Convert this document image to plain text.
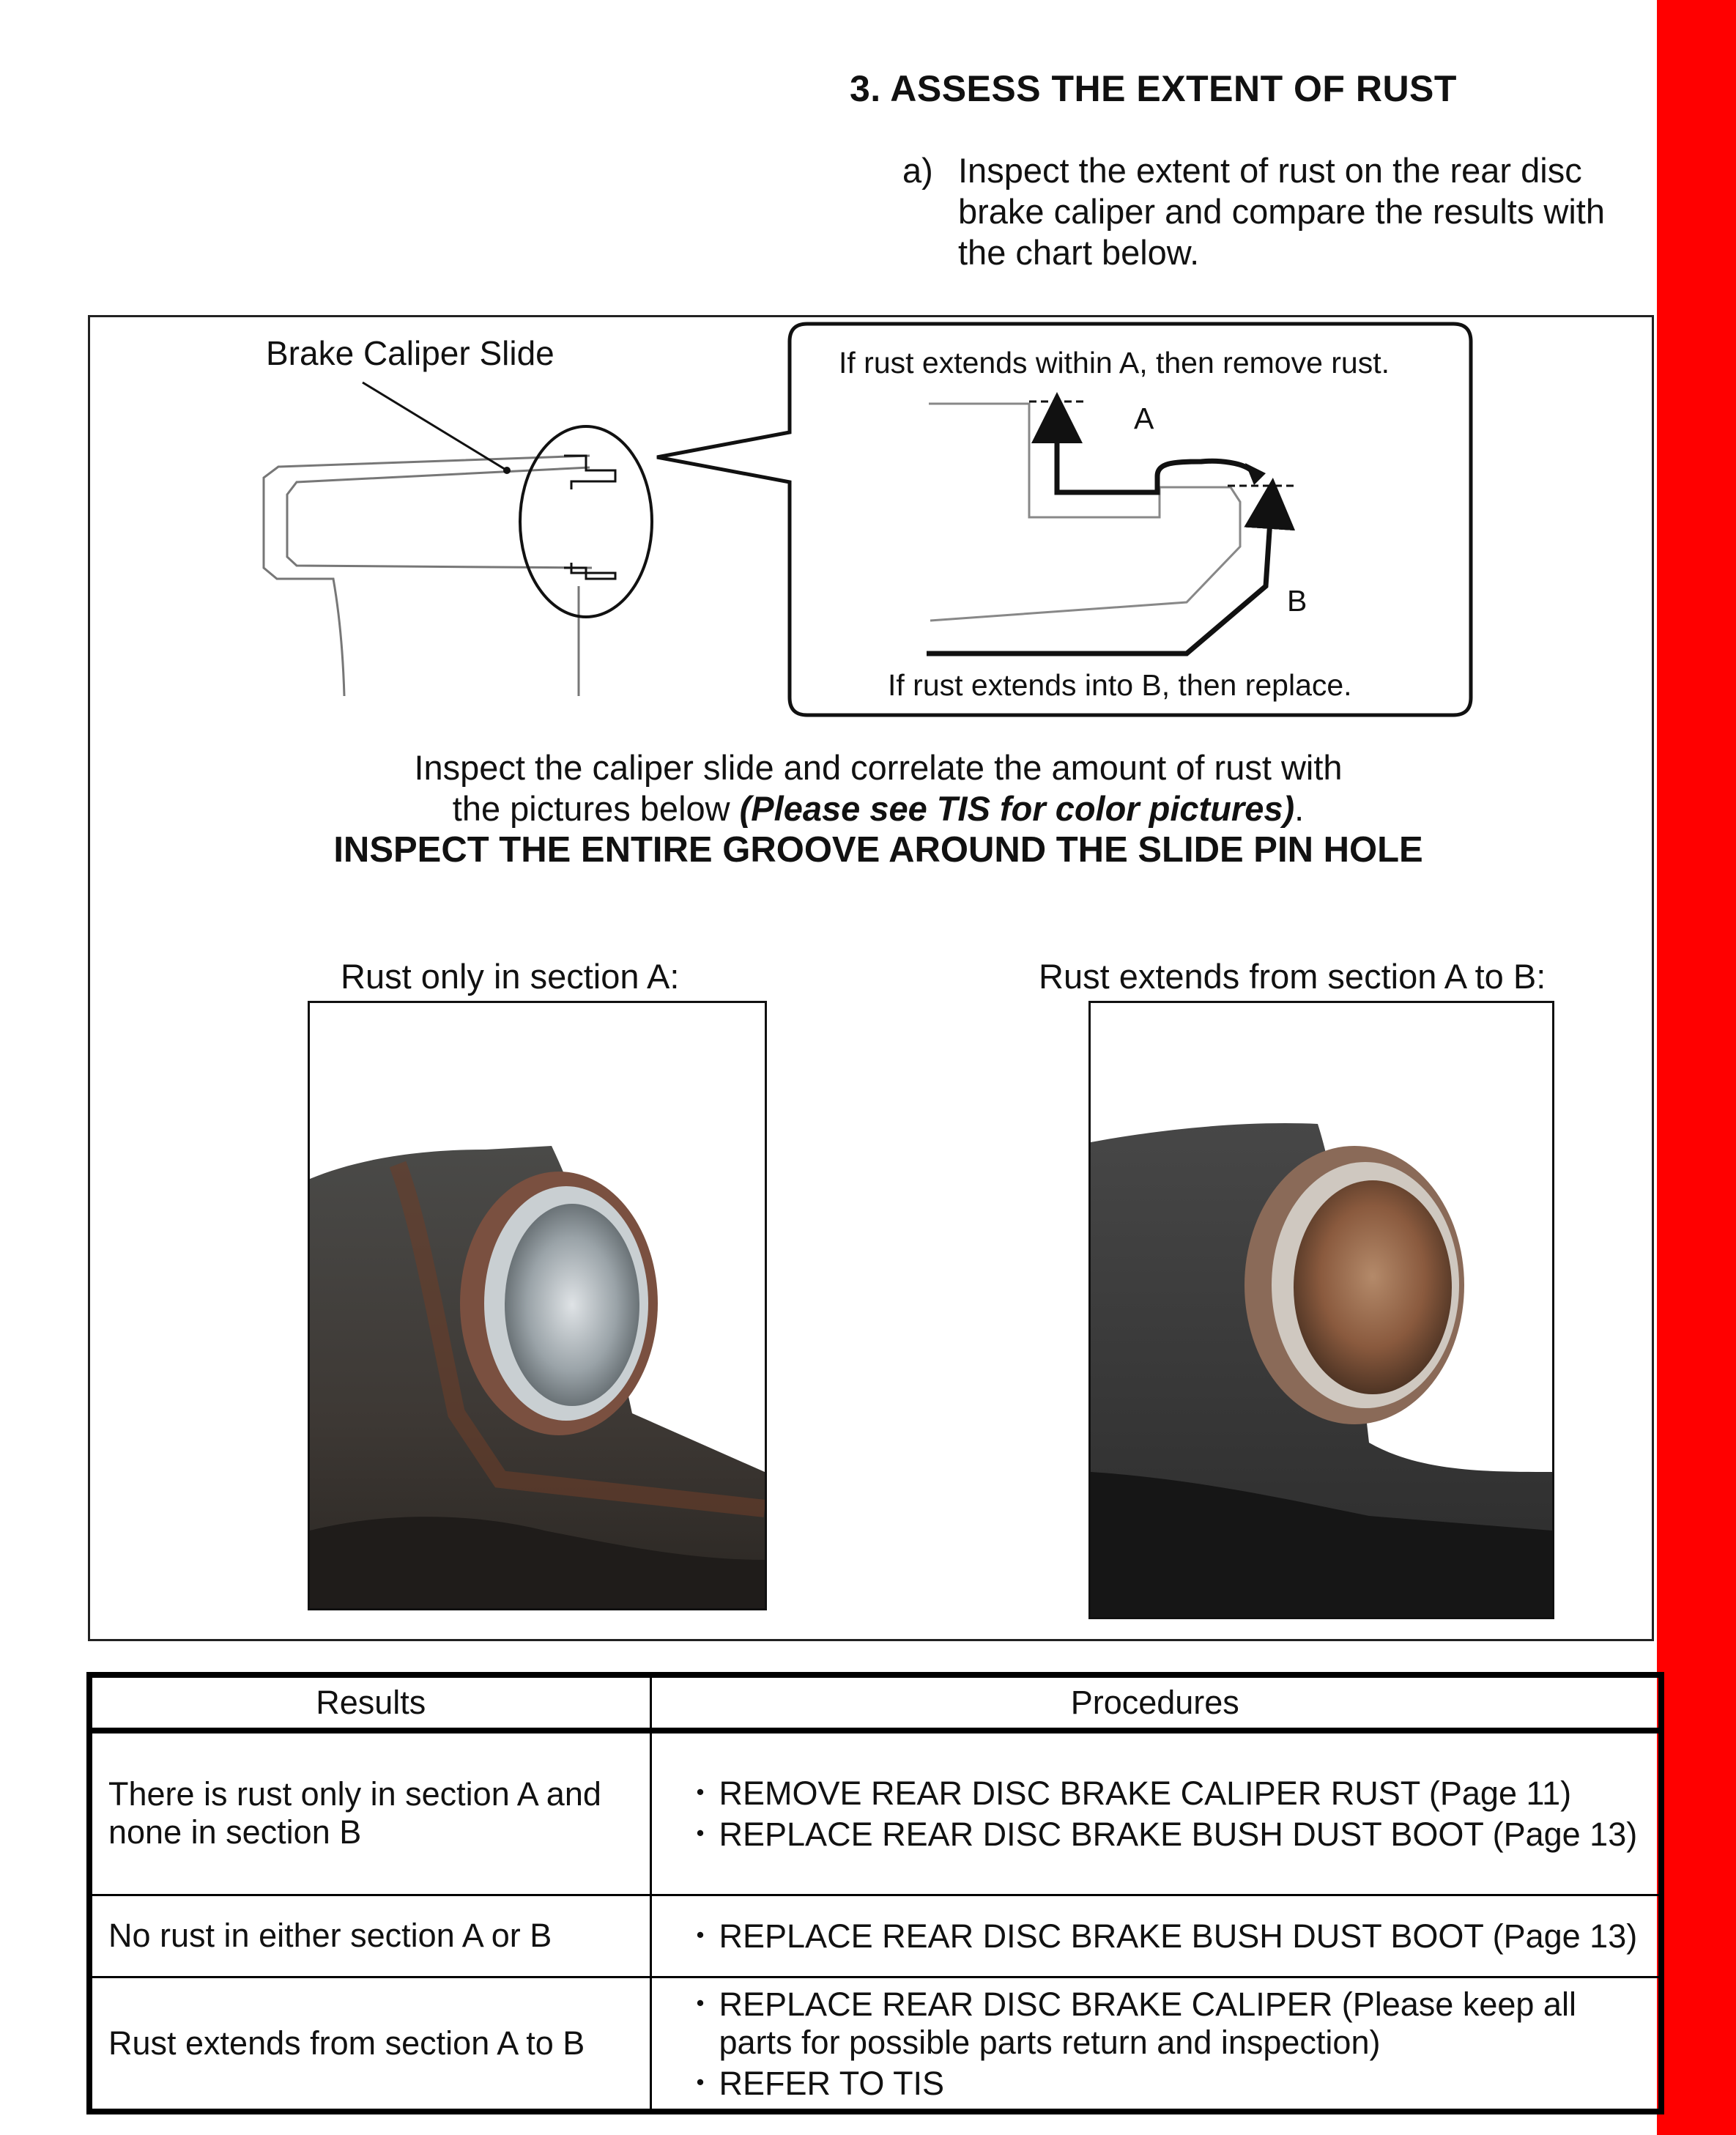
3. ASSESS THE EXTENT OF RUST
a) Inspect the extent of rust on the rear disc brake caliper and compare the results with the chart below.
Brake Caliper Slide	If rust extends within A, then remove rust.
If rust extends into B, then replace.
A
B
Inspect the caliper slide and correlate the amount of rust with
the pictures below (Please see TIS for color pictures).
INSPECT THE ENTIRE GROOVE AROUND THE SLIDE PIN HOLE
Rust only in section A:	Rust extends from section A to B:
Results	Procedures
There is rust only in section A and none in section B	・ REMOVE REAR DISC BRAKE CALIPER RUST (Page 11)
・ REPLACE REAR DISC BRAKE BUSH DUST BOOT (Page 13)

No rust in either section A or B	・ REPLACE REAR DISC BRAKE BUSH DUST BOOT (Page 13)

Rust extends from section A to B	・ REPLACE REAR DISC BRAKE CALIPER (Please keep all parts for possible parts return and inspection)
・ REFER TO TIS
